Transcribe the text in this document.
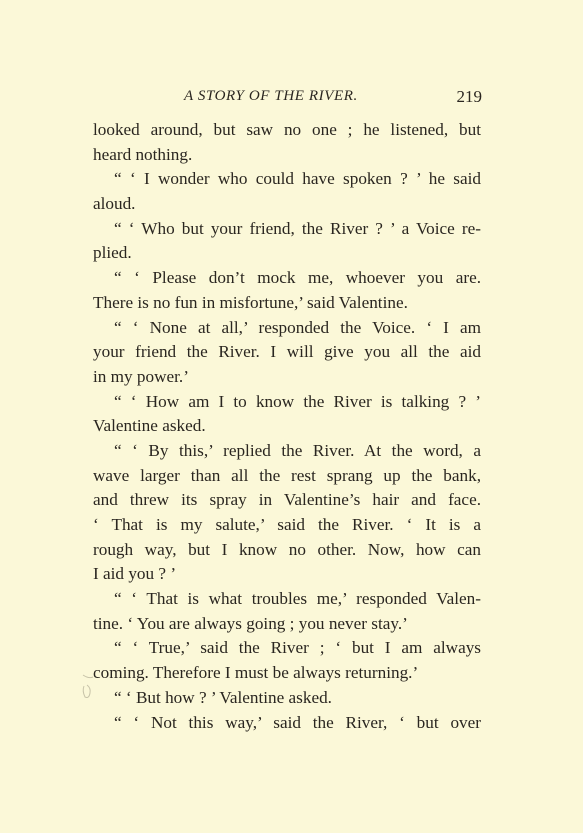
A STORY OF THE RIVER.	219
looked around, but saw no one ; he listened, but
heard nothing.
“ ‘ I wonder who could have spoken ? ’ he said
aloud.
“ ‘ Who but your friend, the River ? ’ a Voice re-
plied.
“ ‘ Please don’t mock me, whoever you are.
There is no fun in misfortune,’ said Valentine.
“ ‘ None at all,’ responded the Voice. ‘ I am
your friend the River. I will give you all the aid
in my power.’
“ ‘ How am I to know the River is talking ? ’
Valentine asked.
“ ‘ By this,’ replied the River. At the word, a
wave larger than all the rest sprang up the bank,
and threw its spray in Valentine’s hair and face.
‘ That is my salute,’ said the River. ‘ It is a
rough way, but I know no other. Now, how can
I aid you ? ’
“ ‘ That is what troubles me,’ responded Valen-
tine. ‘ You are always going ; you never stay.’
“ ‘ True,’ said the River ; ‘ but I am always
coming. Therefore I must be always returning.’
“ ‘ But how ? ’ Valentine asked.
“ ‘ Not this way,’ said the River, ‘ but over
